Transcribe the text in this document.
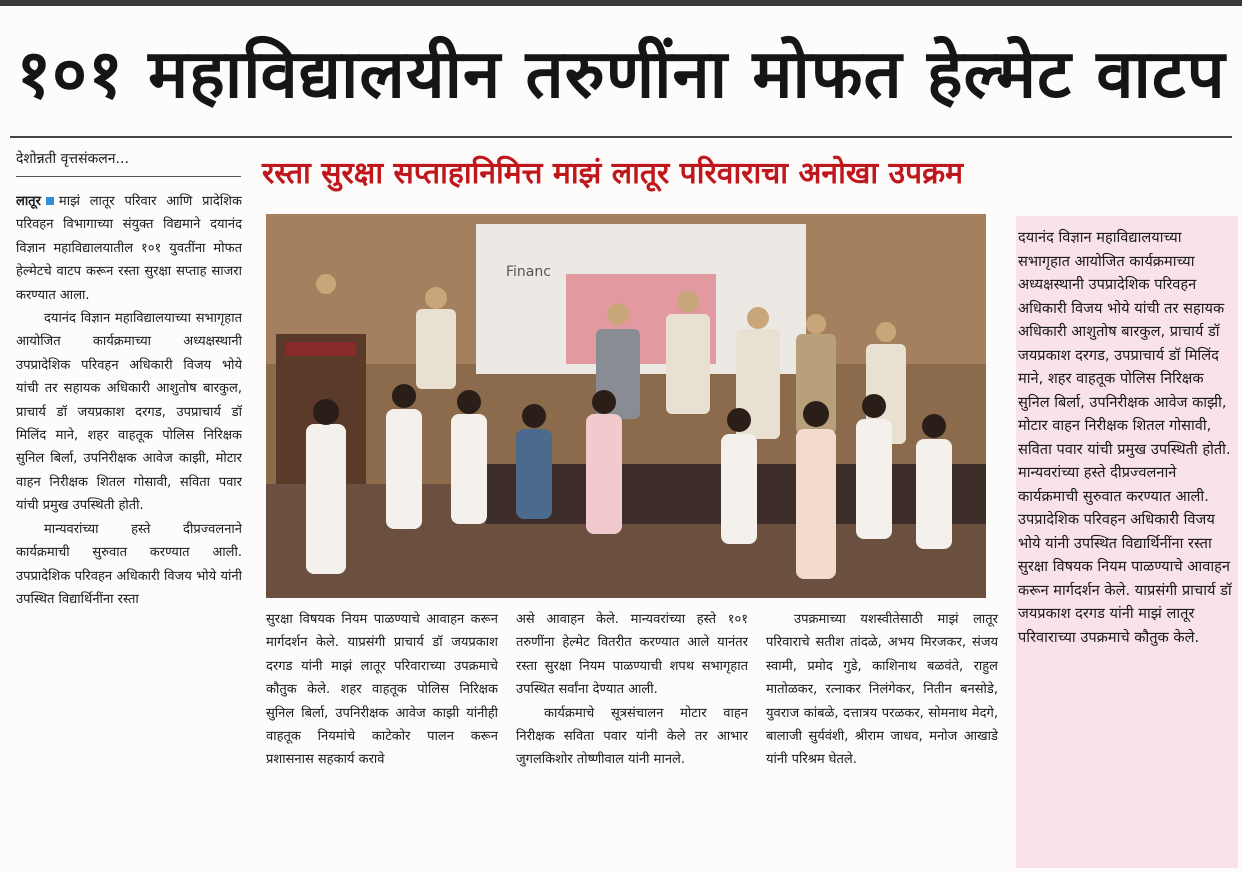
१०१ महाविद्यालयीन तरुणींना मोफत हेल्मेट वाटप
देशोन्नती वृत्तसंकलन...	रस्ता सुरक्षा सप्ताहानिमित्त माझं लातूर परिवाराचा अनोखा उपक्रम

लातूर माझं लातूर परिवार आणि प्रादेशिक परिवहन विभागाच्या संयुक्त विद्यमाने दयानंद विज्ञान महाविद्यालयातील १०१ युवतींना मोफत हेल्मेटचे वाटप करून रस्ता सुरक्षा सप्ताह साजरा करण्यात आला.

दयानंद विज्ञान महाविद्यालयाच्या सभागृहात आयोजित कार्यक्रमाच्या अध्यक्षस्थानी उपप्रादेशिक परिवहन अधिकारी विजय भोये यांची तर सहायक अधिकारी आशुतोष बारकुल, प्राचार्य डॉ जयप्रकाश दरगड, उपप्राचार्य डॉ मिलिंद माने, शहर वाहतूक पोलिस निरिक्षक सुनिल बिर्ला, उपनिरीक्षक आवेज काझी, मोटार वाहन निरीक्षक शितल गोसावी, सविता पवार यांची प्रमुख उपस्थिती होती.

मान्यवरांच्या हस्ते दीप्रज्वलनाने कार्यक्रमाची सुरुवात करण्यात आली. उपप्रादेशिक परिवहन अधिकारी विजय भोये यांनी उपस्थित विद्यार्थिनींना रस्ता

Financ

सुरक्षा विषयक नियम पाळण्याचे आवाहन करून मार्गदर्शन केले. याप्रसंगी प्राचार्य डॉ जयप्रकाश दरगड यांनी माझं लातूर परिवाराच्या उपक्रमाचे कौतुक केले. शहर वाहतूक पोलिस निरिक्षक सुनिल बिर्ला, उपनिरीक्षक आवेज काझी यांनीही वाहतूक नियमांचे काटेकोर पालन करून प्रशासनास सहकार्य करावे

असे आवाहन केले. मान्यवरांच्या हस्ते १०१ तरुणींना हेल्मेट वितरीत करण्यात आले यानंतर रस्ता सुरक्षा नियम पाळण्याची शपथ सभागृहात उपस्थित सर्वांना देण्यात आली.

कार्यक्रमाचे सूत्रसंचालन मोटार वाहन निरीक्षक सविता पवार यांनी केले तर आभार जुगलकिशोर तोष्णीवाल यांनी मानले.

उपक्रमाच्या यशस्वीतेसाठी माझं लातूर परिवाराचे सतीश तांदळे, अभय मिरजकर, संजय स्वामी, प्रमोद गुडे, काशिनाथ बळवंते, राहुल मातोळकर, रत्नाकर निलंगेकर, नितीन बनसोडे, युवराज कांबळे, दत्तात्रय परळकर, सोमनाथ मेदगे, बालाजी सुर्यवंशी, श्रीराम जाधव, मनोज आखाडे यांनी परिश्रम घेतले.

दयानंद विज्ञान महाविद्यालयाच्या सभागृहात आयोजित कार्यक्रमाच्या अध्यक्षस्थानी उपप्रादेशिक परिवहन अधिकारी विजय भोये यांची तर सहायक अधिकारी आशुतोष बारकुल, प्राचार्य डॉ जयप्रकाश दरगड, उपप्राचार्य डॉ मिलिंद माने, शहर वाहतूक पोलिस निरिक्षक सुनिल बिर्ला, उपनिरीक्षक आवेज काझी, मोटार वाहन निरीक्षक शितल गोसावी, सविता पवार यांची प्रमुख उपस्थिती होती.

मान्यवरांच्या हस्ते दीप्रज्वलनाने कार्यक्रमाची सुरुवात करण्यात आली. उपप्रादेशिक परिवहन अधिकारी विजय भोये यांनी उपस्थित विद्यार्थिनींना रस्ता सुरक्षा विषयक नियम पाळण्याचे आवाहन करून मार्गदर्शन केले. याप्रसंगी प्राचार्य डॉ जयप्रकाश दरगड यांनी माझं लातूर परिवाराच्या उपक्रमाचे कौतुक केले.
